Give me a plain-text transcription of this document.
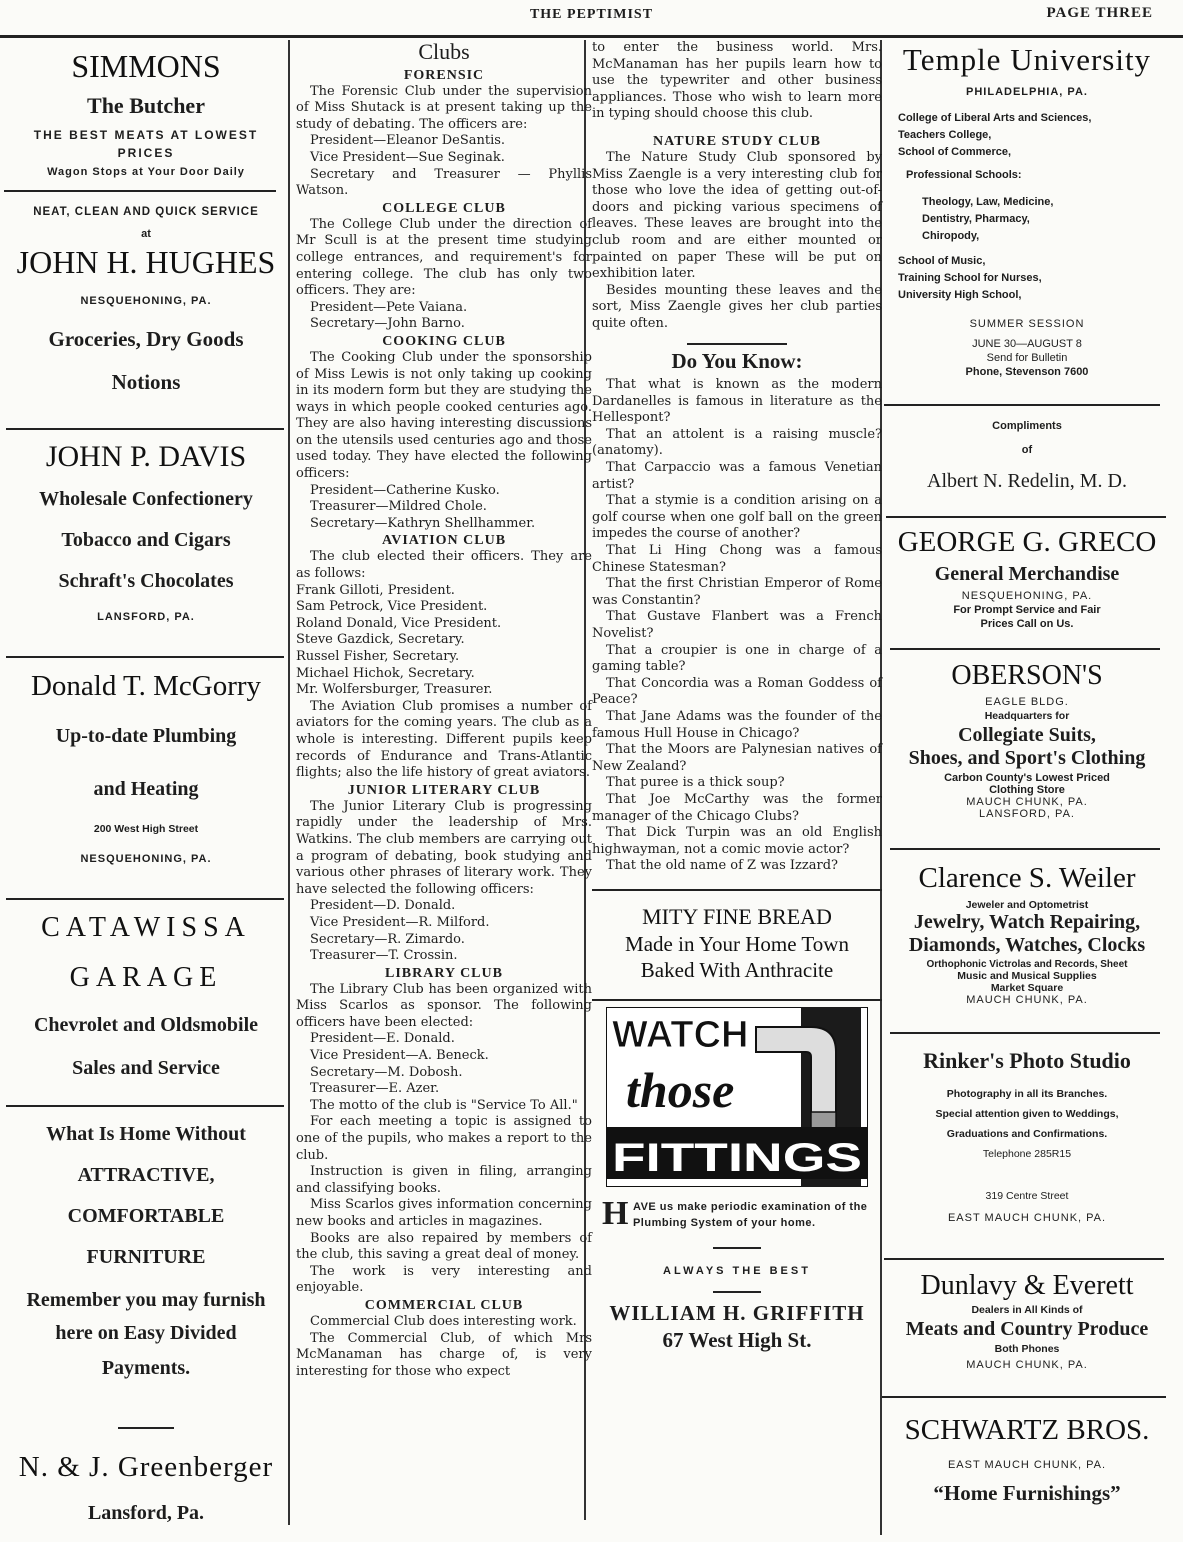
THE PEPTIMIST	PAGE THREE
SIMMONS
The Butcher
THE BEST MEATS AT LOWEST
PRICES
Wagon Stops at Your Door Daily
NEAT, CLEAN AND QUICK SERVICE
at
JOHN H. HUGHES
NESQUEHONING, PA.
Groceries, Dry Goods
Notions
JOHN P. DAVIS
Wholesale Confectionery
Tobacco and Cigars
Schraft's Chocolates
LANSFORD, PA.
Donald T. McGorry
Up-to-date Plumbing
and Heating
200 West High Street
NESQUEHONING, PA.
CATAWISSA
GARAGE
Chevrolet and Oldsmobile
Sales and Service
What Is Home Without
ATTRACTIVE,
COMFORTABLE
FURNITURE
Remember you may furnish
here on Easy Divided
Payments.
N. & J. Greenberger
Lansford, Pa.
Clubs
FORENSIC

The Forensic Club under the supervision of Miss Shutack is at present taking up the study of debating. The officers are:

President—Eleanor DeSantis.

Vice President—Sue Seginak.

Secretary and Treasurer — Phyllis Watson.

COLLEGE CLUB

The College Club under the direction of Mr Scull is at the present time studying college entrances, and requirement's for entering college. The club has only two officers. They are:

President—Pete Vaiana.

Secretary—John Barno.

COOKING CLUB

The Cooking Club under the sponsorship of Miss Lewis is not only taking up cooking in its modern form but they are studying the ways in which people cooked centuries ago. They are also having interesting discussions on the utensils used centuries ago and those used today. They have elected the following officers:

President—Catherine Kusko.

Treasurer—Mildred Chole.

Secretary—Kathryn Shellhammer.

AVIATION CLUB

The club elected their officers. They are as follows:

Frank Gilloti, President.

Sam Petrock, Vice President.

Roland Donald, Vice President.

Steve Gazdick, Secretary.

Russel Fisher, Secretary.

Michael Hichok, Secretary.

Mr. Wolfersburger, Treasurer.

The Aviation Club promises a number of aviators for the coming years. The club as a whole is interesting. Different pupils keep records of Endurance and Trans-Atlantic flights; also the life history of great aviators.

JUNIOR LITERARY CLUB

The Junior Literary Club is progressing rapidly under the leadership of Mrs. Watkins. The club members are carrying out a program of debating, book studying and various other phrases of literary work. They have selected the following officers:

President—D. Donald.

Vice President—R. Milford.

Secretary—R. Zimardo.

Treasurer—T. Crossin.

LIBRARY CLUB

The Library Club has been organized with Miss Scarlos as sponsor. The following officers have been elected:

President—E. Donald.

Vice President—A. Beneck.

Secretary—M. Dobosh.

Treasurer—E. Azer.

The motto of the club is "Service To All."

For each meeting a topic is assigned to one of the pupils, who makes a report to the club.

Instruction is given in filing, arranging and classifying books.

Miss Scarlos gives information concerning new books and articles in magazines.

Books are also repaired by members of the club, this saving a great deal of money.

The work is very interesting and enjoyable.

COMMERCIAL CLUB

Commercial Club does interesting work.

The Commercial Club, of which Mrs McManaman has charge of, is very interesting for those who expect

to enter the business world. Mrs. McManaman has her pupils learn how to use the typewriter and other business appliances. Those who wish to learn more in typing should choose this club.

NATURE STUDY CLUB

The Nature Study Club sponsored by Miss Zaengle is a very interesting club for those who love the idea of getting out-of-doors and picking various specimens of leaves. These leaves are brought into the club room and are either mounted or painted on paper These will be put on exhibition later.

Besides mounting these leaves and the sort, Miss Zaengle gives her club parties quite often.

Do You Know:

That what is known as the modern Dardanelles is famous in literature as the Hellespont?

That an attolent is a raising muscle? (anatomy).

That Carpaccio was a famous Venetian artist?

That a stymie is a condition arising on a golf course when one golf ball on the green impedes the course of another?

That Li Hing Chong was a famous Chinese Statesman?

That the first Christian Emperor of Rome was Constantin?

That Gustave Flanbert was a French Novelist?

That a croupier is one in charge of a gaming table?

That Concordia was a Roman Goddess of Peace?

That Jane Adams was the founder of the famous Hull House in Chicago?

That the Moors are Palynesian natives of New Zealand?

That puree is a thick soup?

That Joe McCarthy was the former manager of the Chicago Clubs?

That Dick Turpin was an old English highwayman, not a comic movie actor?

That the old name of Z was Izzard?

MITY FINE BREAD
Made in Your Home Town
Baked With Anthracite
WATCH
those
FITTINGS
H AVE us make periodic examination of the Plumbing System of your home.
ALWAYS THE BEST
WILLIAM H. GRIFFITH
67 West High St.
Temple University
PHILADELPHIA, PA.
College of Liberal Arts and Sciences,
Teachers College,
School of Commerce,
Professional Schools:
Theology, Law, Medicine,
Dentistry, Pharmacy,
Chiropody,
School of Music,
Training School for Nurses,
University High School,
SUMMER SESSION
JUNE 30—AUGUST 8
Send for Bulletin
Phone, Stevenson 7600
Compliments
of
Albert N. Redelin, M. D.
GEORGE G. GRECO
General Merchandise
NESQUEHONING, PA.
For Prompt Service and Fair
Prices Call on Us.
OBERSON'S
EAGLE BLDG.
Headquarters for
Collegiate Suits,
Shoes, and Sport's Clothing
Carbon County's Lowest Priced
Clothing Store
MAUCH CHUNK, PA.
LANSFORD, PA.
Clarence S. Weiler
Jeweler and Optometrist
Jewelry, Watch Repairing,
Diamonds, Watches, Clocks
Orthophonic Victrolas and Records, Sheet
Music and Musical Supplies
Market Square
MAUCH CHUNK, PA.
Rinker's Photo Studio
Photography in all its Branches.
Special attention given to Weddings,
Graduations and Confirmations.
Telephone 285R15
319 Centre Street
EAST MAUCH CHUNK, PA.
Dunlavy & Everett
Dealers in All Kinds of
Meats and Country Produce
Both Phones
MAUCH CHUNK, PA.
SCHWARTZ BROS.
EAST MAUCH CHUNK, PA.
“Home Furnishings”
